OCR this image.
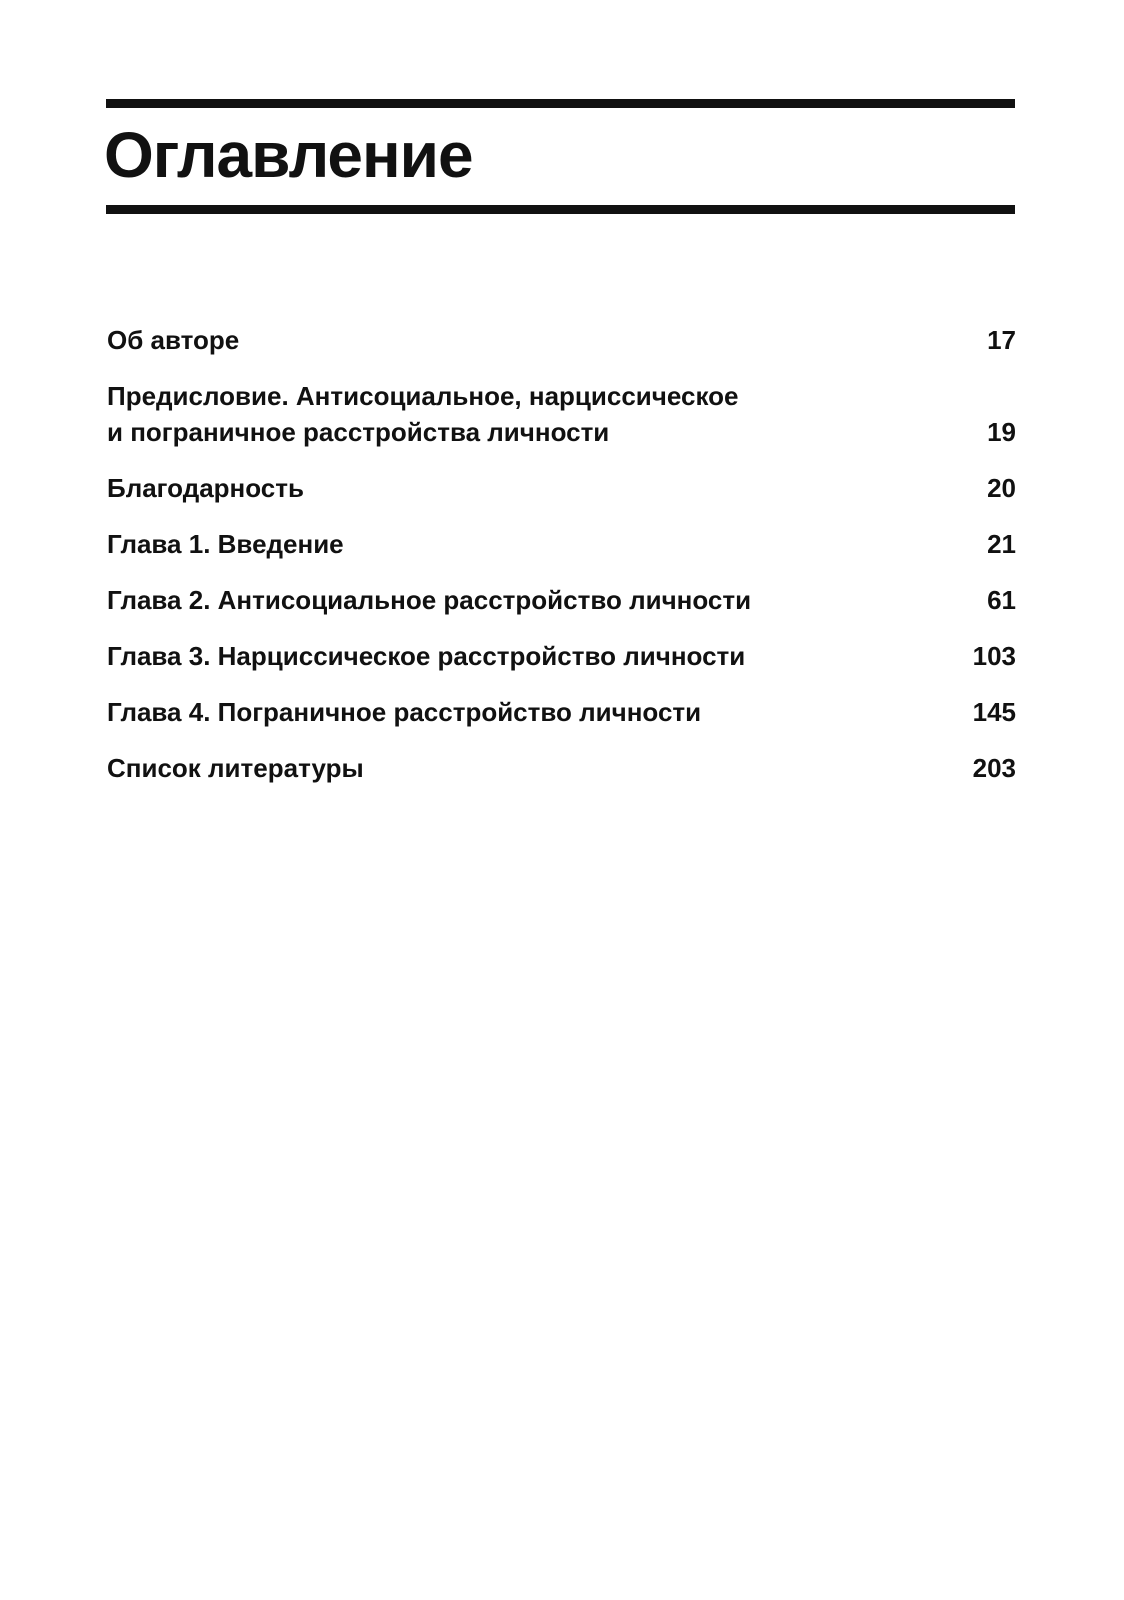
Оглавление
Об авторе	17
Предисловие. Антисоциальное, нарциссическое
и пограничное расстройства личности	19
Благодарность	20
Глава 1. Введение	21
Глава 2. Антисоциальное расстройство личности	61
Глава 3. Нарциссическое расстройство личности	103
Глава 4. Пограничное расстройство личности	145
Список литературы	203
